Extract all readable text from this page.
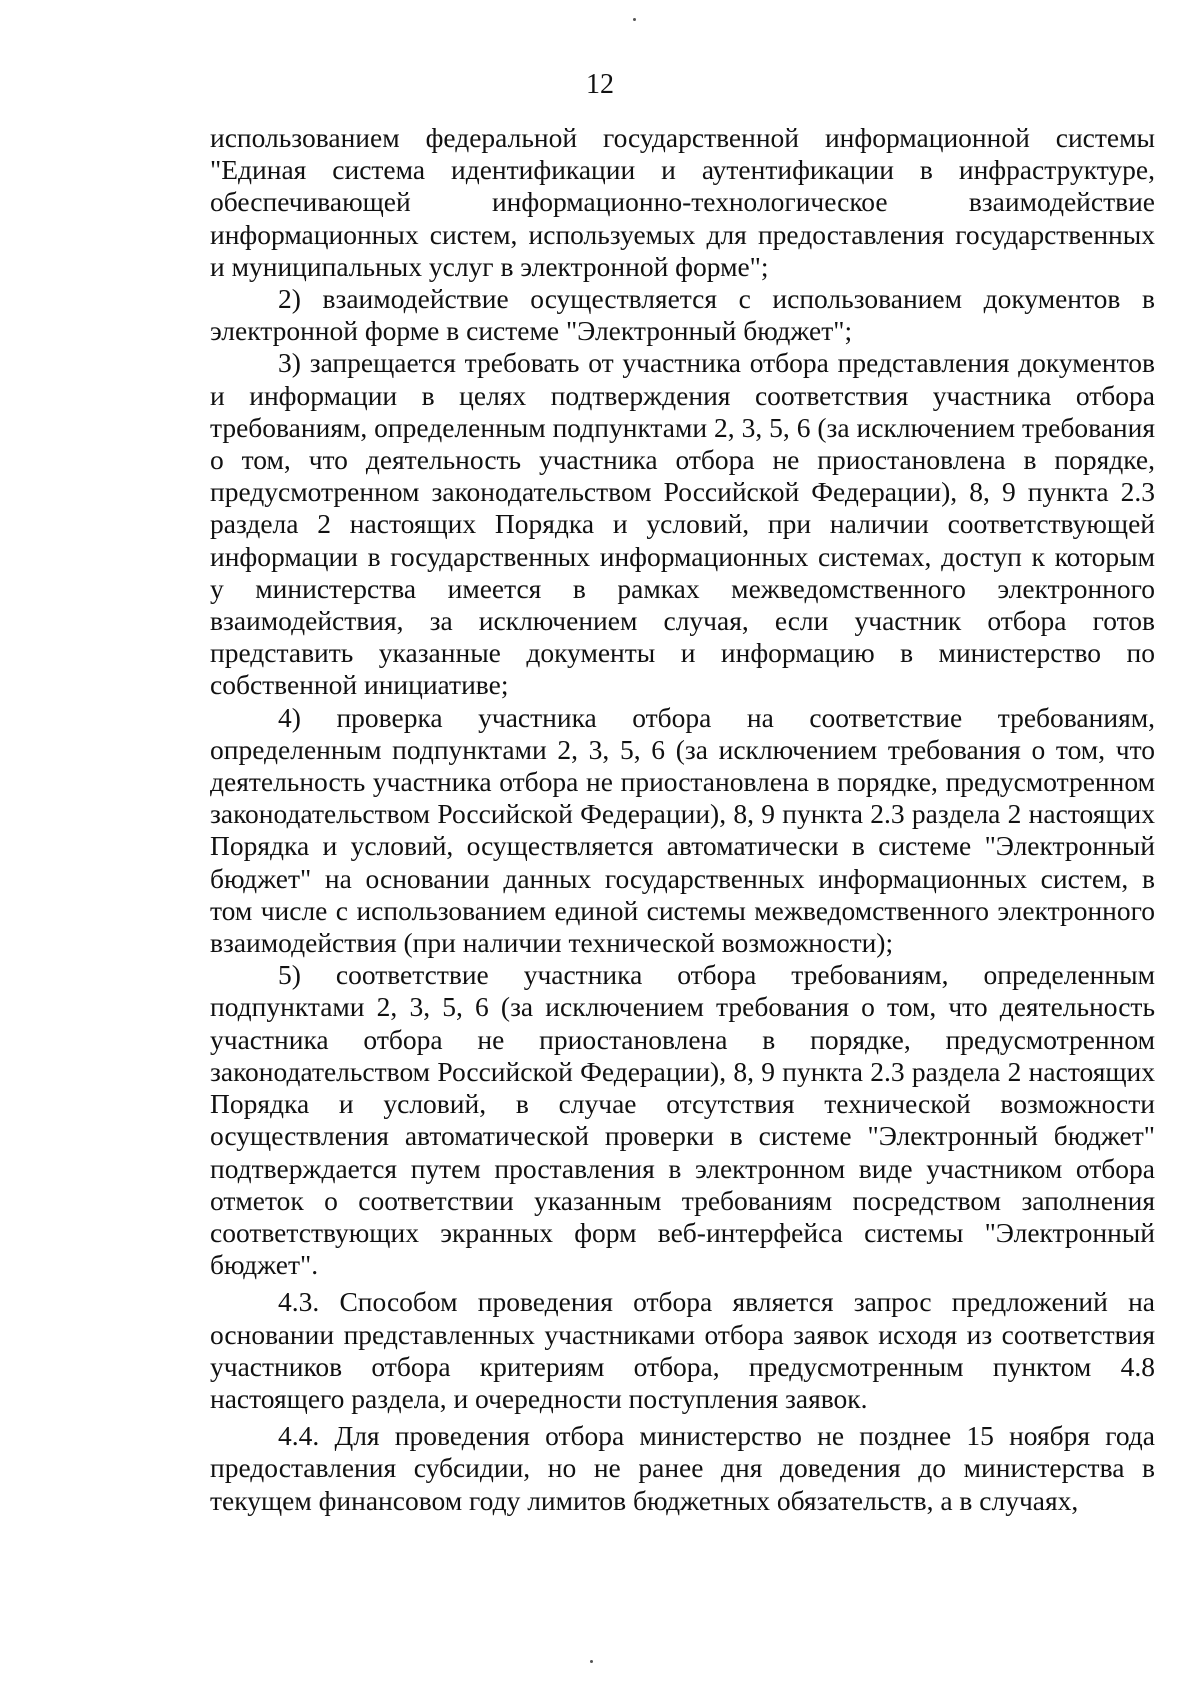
12

использованием федеральной государственной информационной системы "Единая система идентификации и аутентификации в инфраструктуре, обеспечивающей информационно-технологическое взаимодействие информационных систем, используемых для предоставления государственных и муниципальных услуг в электронной форме";

2) взаимодействие осуществляется с использованием документов в электронной форме в системе "Электронный бюджет";

3) запрещается требовать от участника отбора представления документов и информации в целях подтверждения соответствия участника отбора требованиям, определенным подпунктами 2, 3, 5, 6 (за исключением требования о том, что деятельность участника отбора не приостановлена в порядке, предусмотренном законодательством Российской Федерации), 8, 9 пункта 2.3 раздела 2 настоящих Порядка и условий, при наличии соответствующей информации в государственных информационных системах, доступ к которым у министерства имеется в рамках межведомственного электронного взаимодействия, за исключением случая, если участник отбора готов представить указанные документы и информацию в министерство по собственной инициативе;

4) проверка участника отбора на соответствие требованиям, определенным подпунктами 2, 3, 5, 6 (за исключением требования о том, что деятельность участника отбора не приостановлена в порядке, предусмотренном законодательством Российской Федерации), 8, 9 пункта 2.3 раздела 2 настоящих Порядка и условий, осуществляется автоматически в системе "Электронный бюджет" на основании данных государственных информационных систем, в том числе с использованием единой системы межведомственного электронного взаимодействия (при наличии технической возможности);

5) соответствие участника отбора требованиям, определенным подпунктами 2, 3, 5, 6 (за исключением требования о том, что деятельность участника отбора не приостановлена в порядке, предусмотренном законодательством Российской Федерации), 8, 9 пункта 2.3 раздела 2 настоящих Порядка и условий, в случае отсутствия технической возможности осуществления автоматической проверки в системе "Электронный бюджет" подтверждается путем проставления в электронном виде участником отбора отметок о соответствии указанным требованиям посредством заполнения соответствующих экранных форм веб-интерфейса системы "Электронный бюджет".

4.3. Способом проведения отбора является запрос предложений на основании представленных участниками отбора заявок исходя из соответствия участников отбора критериям отбора, предусмотренным пунктом 4.8 настоящего раздела, и очередности поступления заявок.

4.4. Для проведения отбора министерство не позднее 15 ноября года предоставления субсидии, но не ранее дня доведения до министерства в текущем финансовом году лимитов бюджетных обязательств, а в случаях,
